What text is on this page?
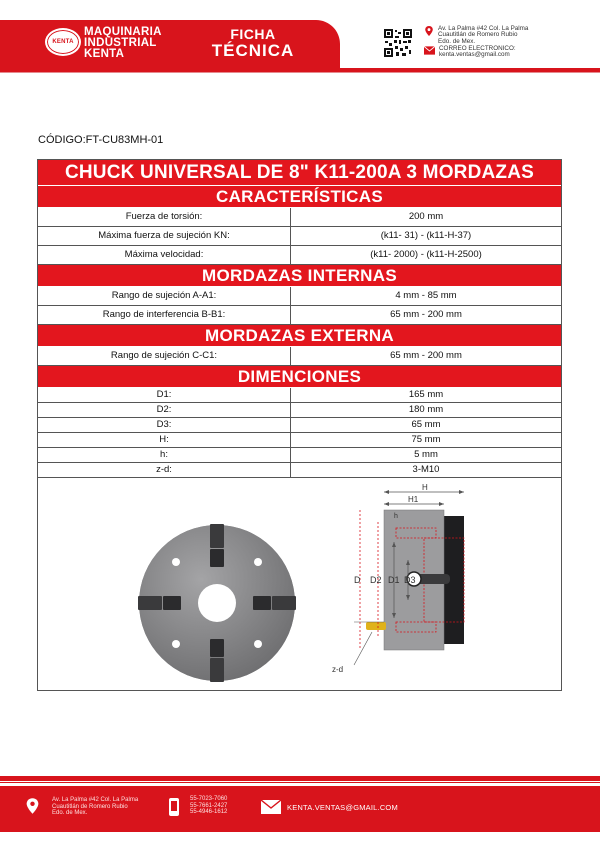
KENTA
MAQUINARIA
INDUSTRIAL
KENTA
FICHA
TÉCNICA
Av. La Palma #42 Col. La Palma
Cuautitlán de Romero Rubio
Edo. de Mex.
CORREO ELECTRONICO:
kenta.ventas@gmail.com
CÓDIGO:FT-CU83MH-01
CHUCK UNIVERSAL DE 8" K11-200A 3 MORDAZAS
CARACTERÍSTICAS
Fuerza de torsión:	200 mm
Máxima fuerza de sujeción KN:	(k11- 31) - (k11-H-37)
Máxima velocidad:	(k11- 2000) - (k11-H-2500)
MORDAZAS INTERNAS
Rango de sujeción A-A1:	4 mm - 85 mm
Rango de interferencia B-B1:	65 mm - 200 mm
MORDAZAS EXTERNA
Rango de sujeción C-C1:	65 mm - 200 mm
DIMENCIONES
D1:	165 mm
D2:	180 mm
D3:	65 mm
H:	75 mm
h:	5 mm
z-d:	3-M10
H
H1
h
D D2 D1 D3
z-d
Av. La Palma #42 Col. La Palma
Cuautitlán de Romero Rubio
Edo. de Mex.
55-7023-7060
55-7661-2427
55-4946-1612	KENTA.VENTAS@GMAIL.COM
